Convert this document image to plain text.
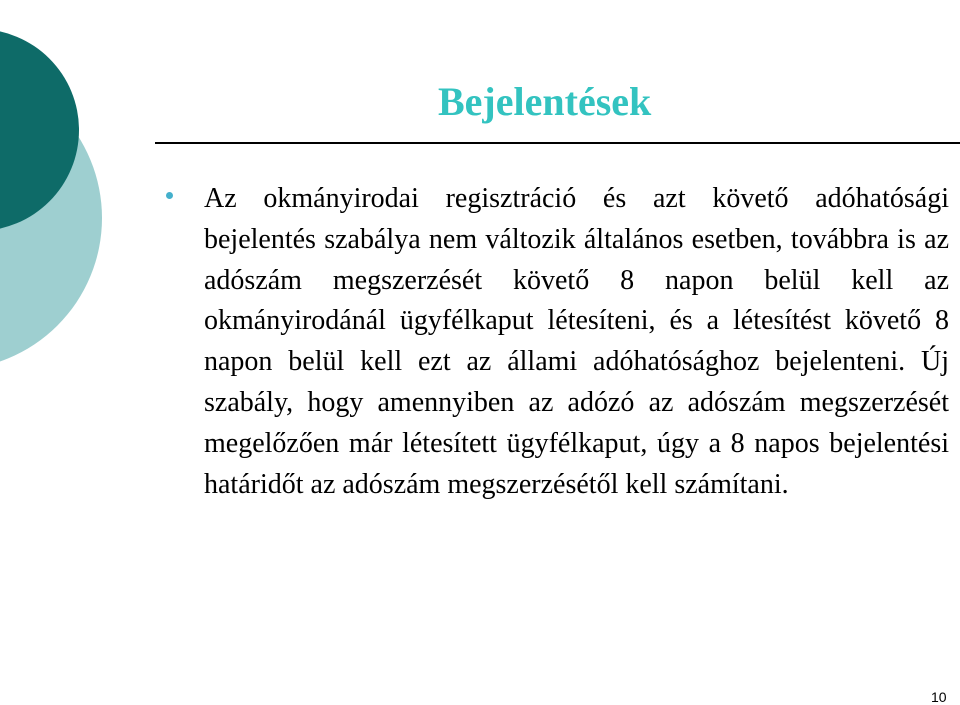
Bejelentések

Az okmányirodai regisztráció és azt követő adóhatósági bejelentés szabálya nem változik általános esetben, továbbra is az adószám megszerzését követő 8 napon belül kell az okmányirodánál ügyfélkaput létesíteni, és a létesítést követő 8 napon belül kell ezt az állami adóhatósághoz bejelenteni. Új szabály, hogy amennyiben az adózó az adószám megszerzését megelőzően már létesített ügyfélkaput, úgy a 8 napos bejelentési határidőt az adószám megszerzésétől kell számítani.

10
